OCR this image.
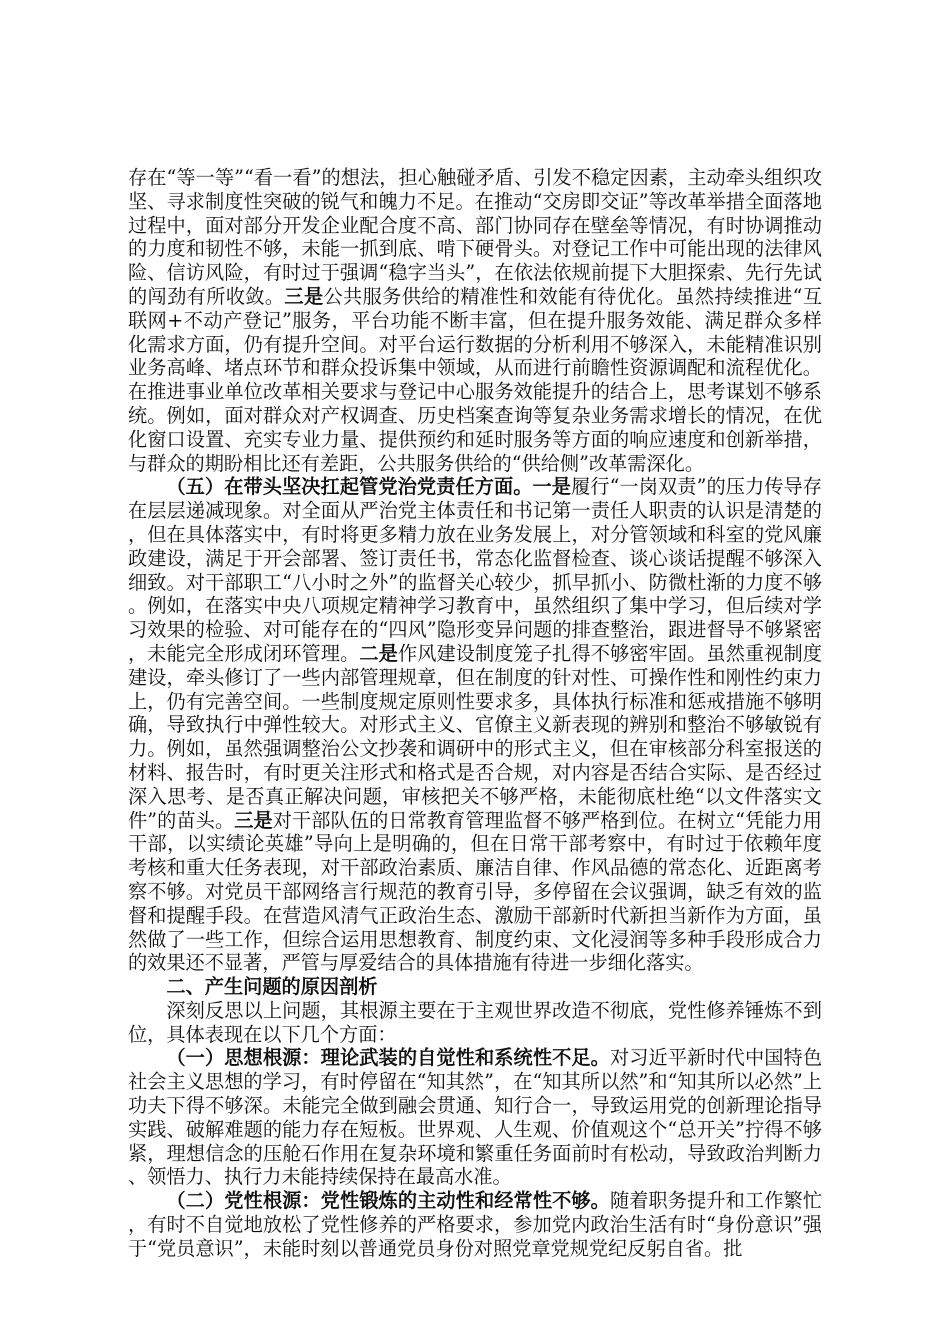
存在“等一等”“看一看”的想法，担心触碰矛盾、引发不稳定因素，主动牵头组织攻坚、寻求制度性突破的锐气和魄力不足。在推动“交房即交证”等改革举措全面落地过程中，面对部分开发企业配合度不高、部门协同存在壁垒等情况，有时协调推动的力度和韧性不够，未能一抓到底、啃下硬骨头。对登记工作中可能出现的法律风险、信访风险，有时过于强调“稳字当头”，在依法依规前提下大胆探索、先行先试的闯劲有所收敛。三是公共服务供给的精准性和效能有待优化。虽然持续推进“互联网+不动产登记”服务，平台功能不断丰富，但在提升服务效能、满足群众多样化需求方面，仍有提升空间。对平台运行数据的分析利用不够深入，未能精准识别业务高峰、堵点环节和群众投诉集中领域，从而进行前瞻性资源调配和流程优化。在推进事业单位改革相关要求与登记中心服务效能提升的结合上，思考谋划不够系统。例如，面对群众对产权调查、历史档案查询等复杂业务需求增长的情况，在优化窗口设置、充实专业力量、提供预约和延时服务等方面的响应速度和创新举措，与群众的期盼相比还有差距，公共服务供给的“供给侧”改革需深化。

（五）在带头坚决扛起管党治党责任方面。一是履行“一岗双责”的压力传导存在层层递减现象。对全面从严治党主体责任和书记第一责任人职责的认识是清楚的，但在具体落实中，有时将更多精力放在业务发展上，对分管领域和科室的党风廉政建设，满足于开会部署、签订责任书，常态化监督检查、谈心谈话提醒不够深入细致。对干部职工“八小时之外”的监督关心较少，抓早抓小、防微杜渐的力度不够。例如，在落实中央八项规定精神学习教育中，虽然组织了集中学习，但后续对学习效果的检验、对可能存在的“四风”隐形变异问题的排查整治，跟进督导不够紧密，未能完全形成闭环管理。二是作风建设制度笼子扎得不够密牢固。虽然重视制度建设，牵头修订了一些内部管理规章，但在制度的针对性、可操作性和刚性约束力上，仍有完善空间。一些制度规定原则性要求多，具体执行标准和惩戒措施不够明确，导致执行中弹性较大。对形式主义、官僚主义新表现的辨别和整治不够敏锐有力。例如，虽然强调整治公文抄袭和调研中的形式主义，但在审核部分科室报送的材料、报告时，有时更关注形式和格式是否合规，对内容是否结合实际、是否经过深入思考、是否真正解决问题，审核把关不够严格，未能彻底杜绝“以文件落实文件”的苗头。三是对干部队伍的日常教育管理监督不够严格到位。在树立“凭能力用干部，以实绩论英雄”导向上是明确的，但在日常干部考察中，有时过于依赖年度考核和重大任务表现，对干部政治素质、廉洁自律、作风品德的常态化、近距离考察不够。对党员干部网络言行规范的教育引导，多停留在会议强调，缺乏有效的监督和提醒手段。在营造风清气正政治生态、激励干部新时代新担当新作为方面，虽然做了一些工作，但综合运用思想教育、制度约束、文化浸润等多种手段形成合力的效果还不显著，严管与厚爱结合的具体措施有待进一步细化落实。

二、产生问题的原因剖析

深刻反思以上问题，其根源主要在于主观世界改造不彻底，党性修养锤炼不到位，具体表现在以下几个方面：

（一）思想根源：理论武装的自觉性和系统性不足。对习近平新时代中国特色社会主义思想的学习，有时停留在“知其然”，在“知其所以然”和“知其所以必然”上功夫下得不够深。未能完全做到融会贯通、知行合一，导致运用党的创新理论指导实践、破解难题的能力存在短板。世界观、人生观、价值观这个“总开关”拧得不够紧，理想信念的压舱石作用在复杂环境和繁重任务面前时有松动，导致政治判断力、领悟力、执行力未能持续保持在最高水准。

（二）党性根源：党性锻炼的主动性和经常性不够。随着职务提升和工作繁忙，有时不自觉地放松了党性修养的严格要求，参加党内政治生活有时“身份意识”强于“党员意识”，未能时刻以普通党员身份对照党章党规党纪反躬自省。批
